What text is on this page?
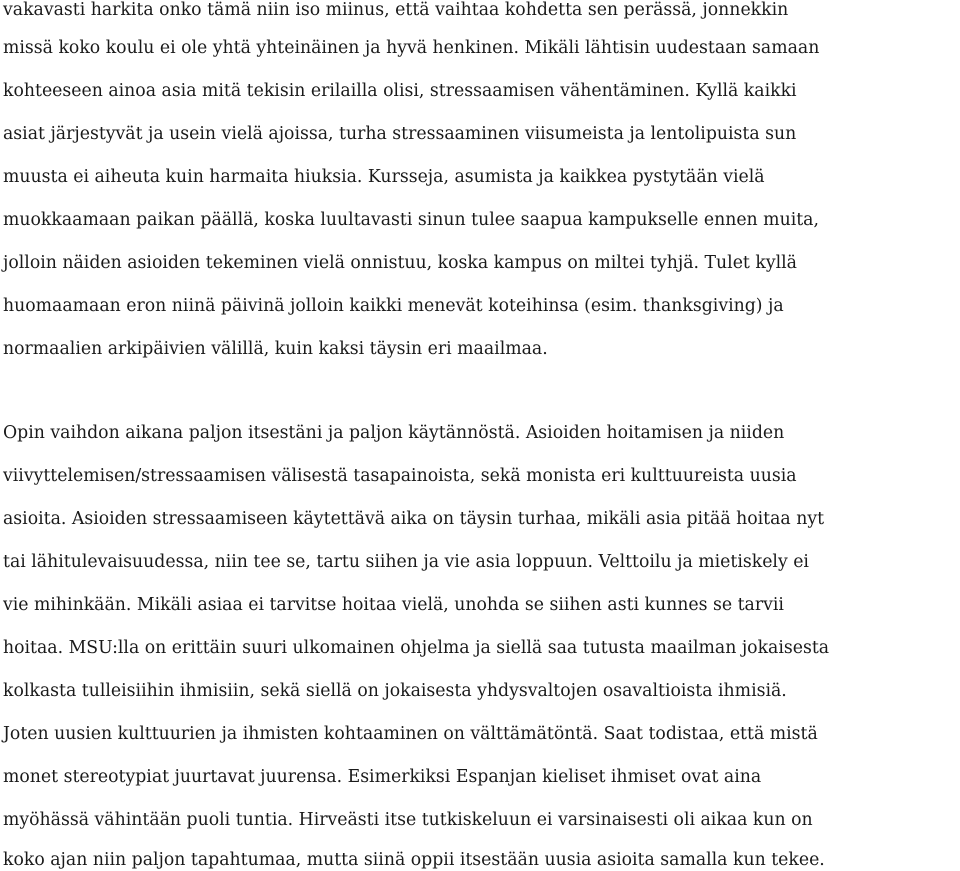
vakavasti harkita onko tämä niin iso miinus, että vaihtaa kohdetta sen perässä, jonnekkin
missä koko koulu ei ole yhtä yhteinäinen ja hyvä henkinen. Mikäli lähtisin uudestaan samaan
kohteeseen ainoa asia mitä tekisin erilailla olisi, stressaamisen vähentäminen. Kyllä kaikki
asiat järjestyvät ja usein vielä ajoissa, turha stressaaminen viisumeista ja lentolipuista sun
muusta ei aiheuta kuin harmaita hiuksia. Kursseja, asumista ja kaikkea pystytään vielä
muokkaamaan paikan päällä, koska luultavasti sinun tulee saapua kampukselle ennen muita,
jolloin näiden asioiden tekeminen vielä onnistuu, koska kampus on miltei tyhjä. Tulet kyllä
huomaamaan eron niinä päivinä jolloin kaikki menevät koteihinsa (esim. thanksgiving) ja
normaalien arkipäivien välillä, kuin kaksi täysin eri maailmaa.
Opin vaihdon aikana paljon itsestäni ja paljon käytännöstä. Asioiden hoitamisen ja niiden
viivyttelemisen/stressaamisen välisestä tasapainoista, sekä monista eri kulttuureista uusia
asioita. Asioiden stressaamiseen käytettävä aika on täysin turhaa, mikäli asia pitää hoitaa nyt
tai lähitulevaisuudessa, niin tee se, tartu siihen ja vie asia loppuun. Velttoilu ja mietiskely ei
vie mihinkään. Mikäli asiaa ei tarvitse hoitaa vielä, unohda se siihen asti kunnes se tarvii
hoitaa. MSU:lla on erittäin suuri ulkomainen ohjelma ja siellä saa tutusta maailman jokaisesta
kolkasta tulleisiihin ihmisiin, sekä siellä on jokaisesta yhdysvaltojen osavaltioista ihmisiä.
Joten uusien kulttuurien ja ihmisten kohtaaminen on välttämätöntä. Saat todistaa, että mistä
monet stereotypiat juurtavat juurensa. Esimerkiksi Espanjan kieliset ihmiset ovat aina
myöhässä vähintään puoli tuntia. Hirveästi itse tutkiskeluun ei varsinaisesti oli aikaa kun on
koko ajan niin paljon tapahtumaa, mutta siinä oppii itsestään uusia asioita samalla kun tekee.
